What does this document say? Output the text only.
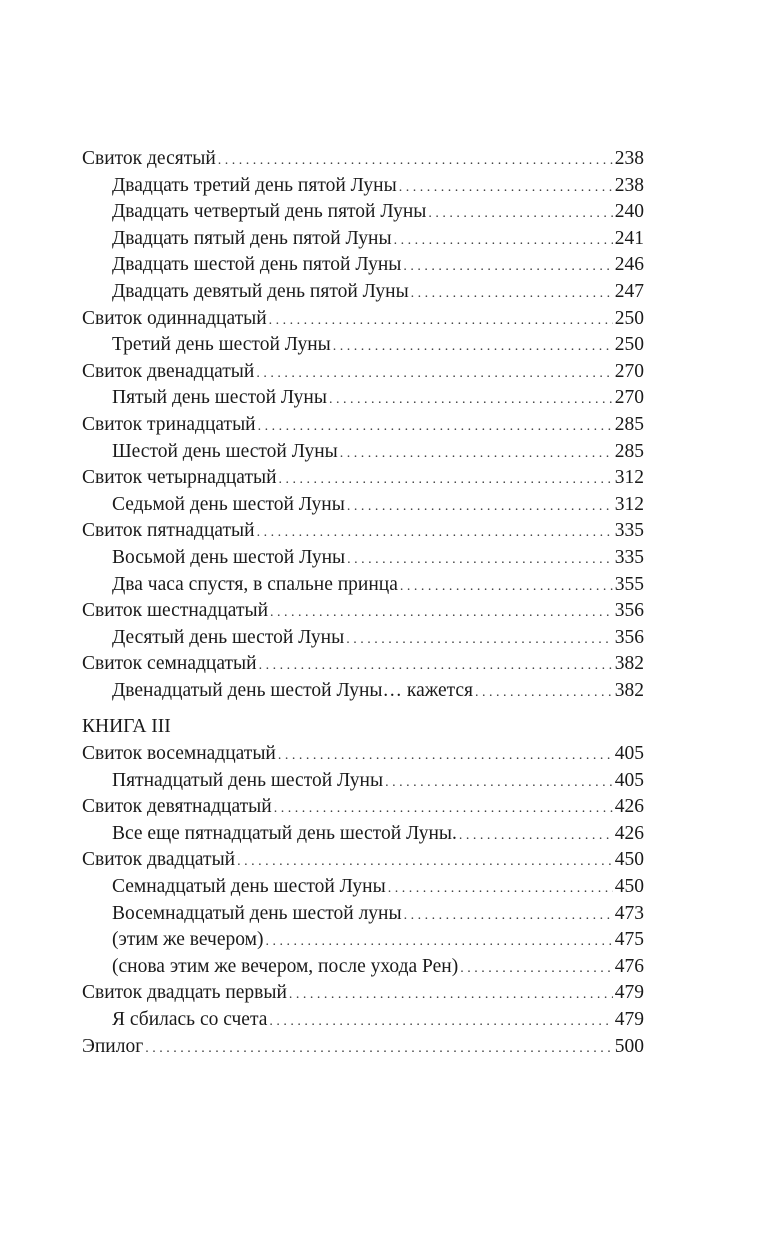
Свиток десятый . . .	238
Двадцать третий день пятой Луны . . .	238
Двадцать четвертый день пятой Луны . . .	240
Двадцать пятый день пятой Луны . . .	241
Двадцать шестой день пятой Луны . . .	246
Двадцать девятый день пятой Луны . . .	247
Свиток одиннадцатый . . .	250
Третий день шестой Луны . . .	250
Свиток двенадцатый . . .	270
Пятый день шестой Луны . . .	270
Свиток тринадцатый . . .	285
Шестой день шестой Луны . . .	285
Свиток четырнадцатый . . .	312
Седьмой день шестой Луны . . .	312
Свиток пятнадцатый . . .	335
Восьмой день шестой Луны . . .	335
Два часа спустя, в спальне принца . . .	355
Свиток шестнадцатый . . .	356
Десятый день шестой Луны . . .	356
Свиток семнадцатый . . .	382
Двенадцатый день шестой Луны… кажется . . .	382
КНИГА III
Свиток восемнадцатый . . .	405
Пятнадцатый день шестой Луны . . .	405
Свиток девятнадцатый . . .	426
Все еще пятнадцатый день шестой Луны. . . .	426
Свиток двадцатый . . .	450
Семнадцатый день шестой Луны . . .	450
Восемнадцатый день шестой луны . . .	473
(этим же вечером) . . .	475
(снова этим же вечером, после ухода Рен) . . .	476
Свиток двадцать первый . . .	479
Я сбилась со счета . . .	479
Эпилог . . .	500
